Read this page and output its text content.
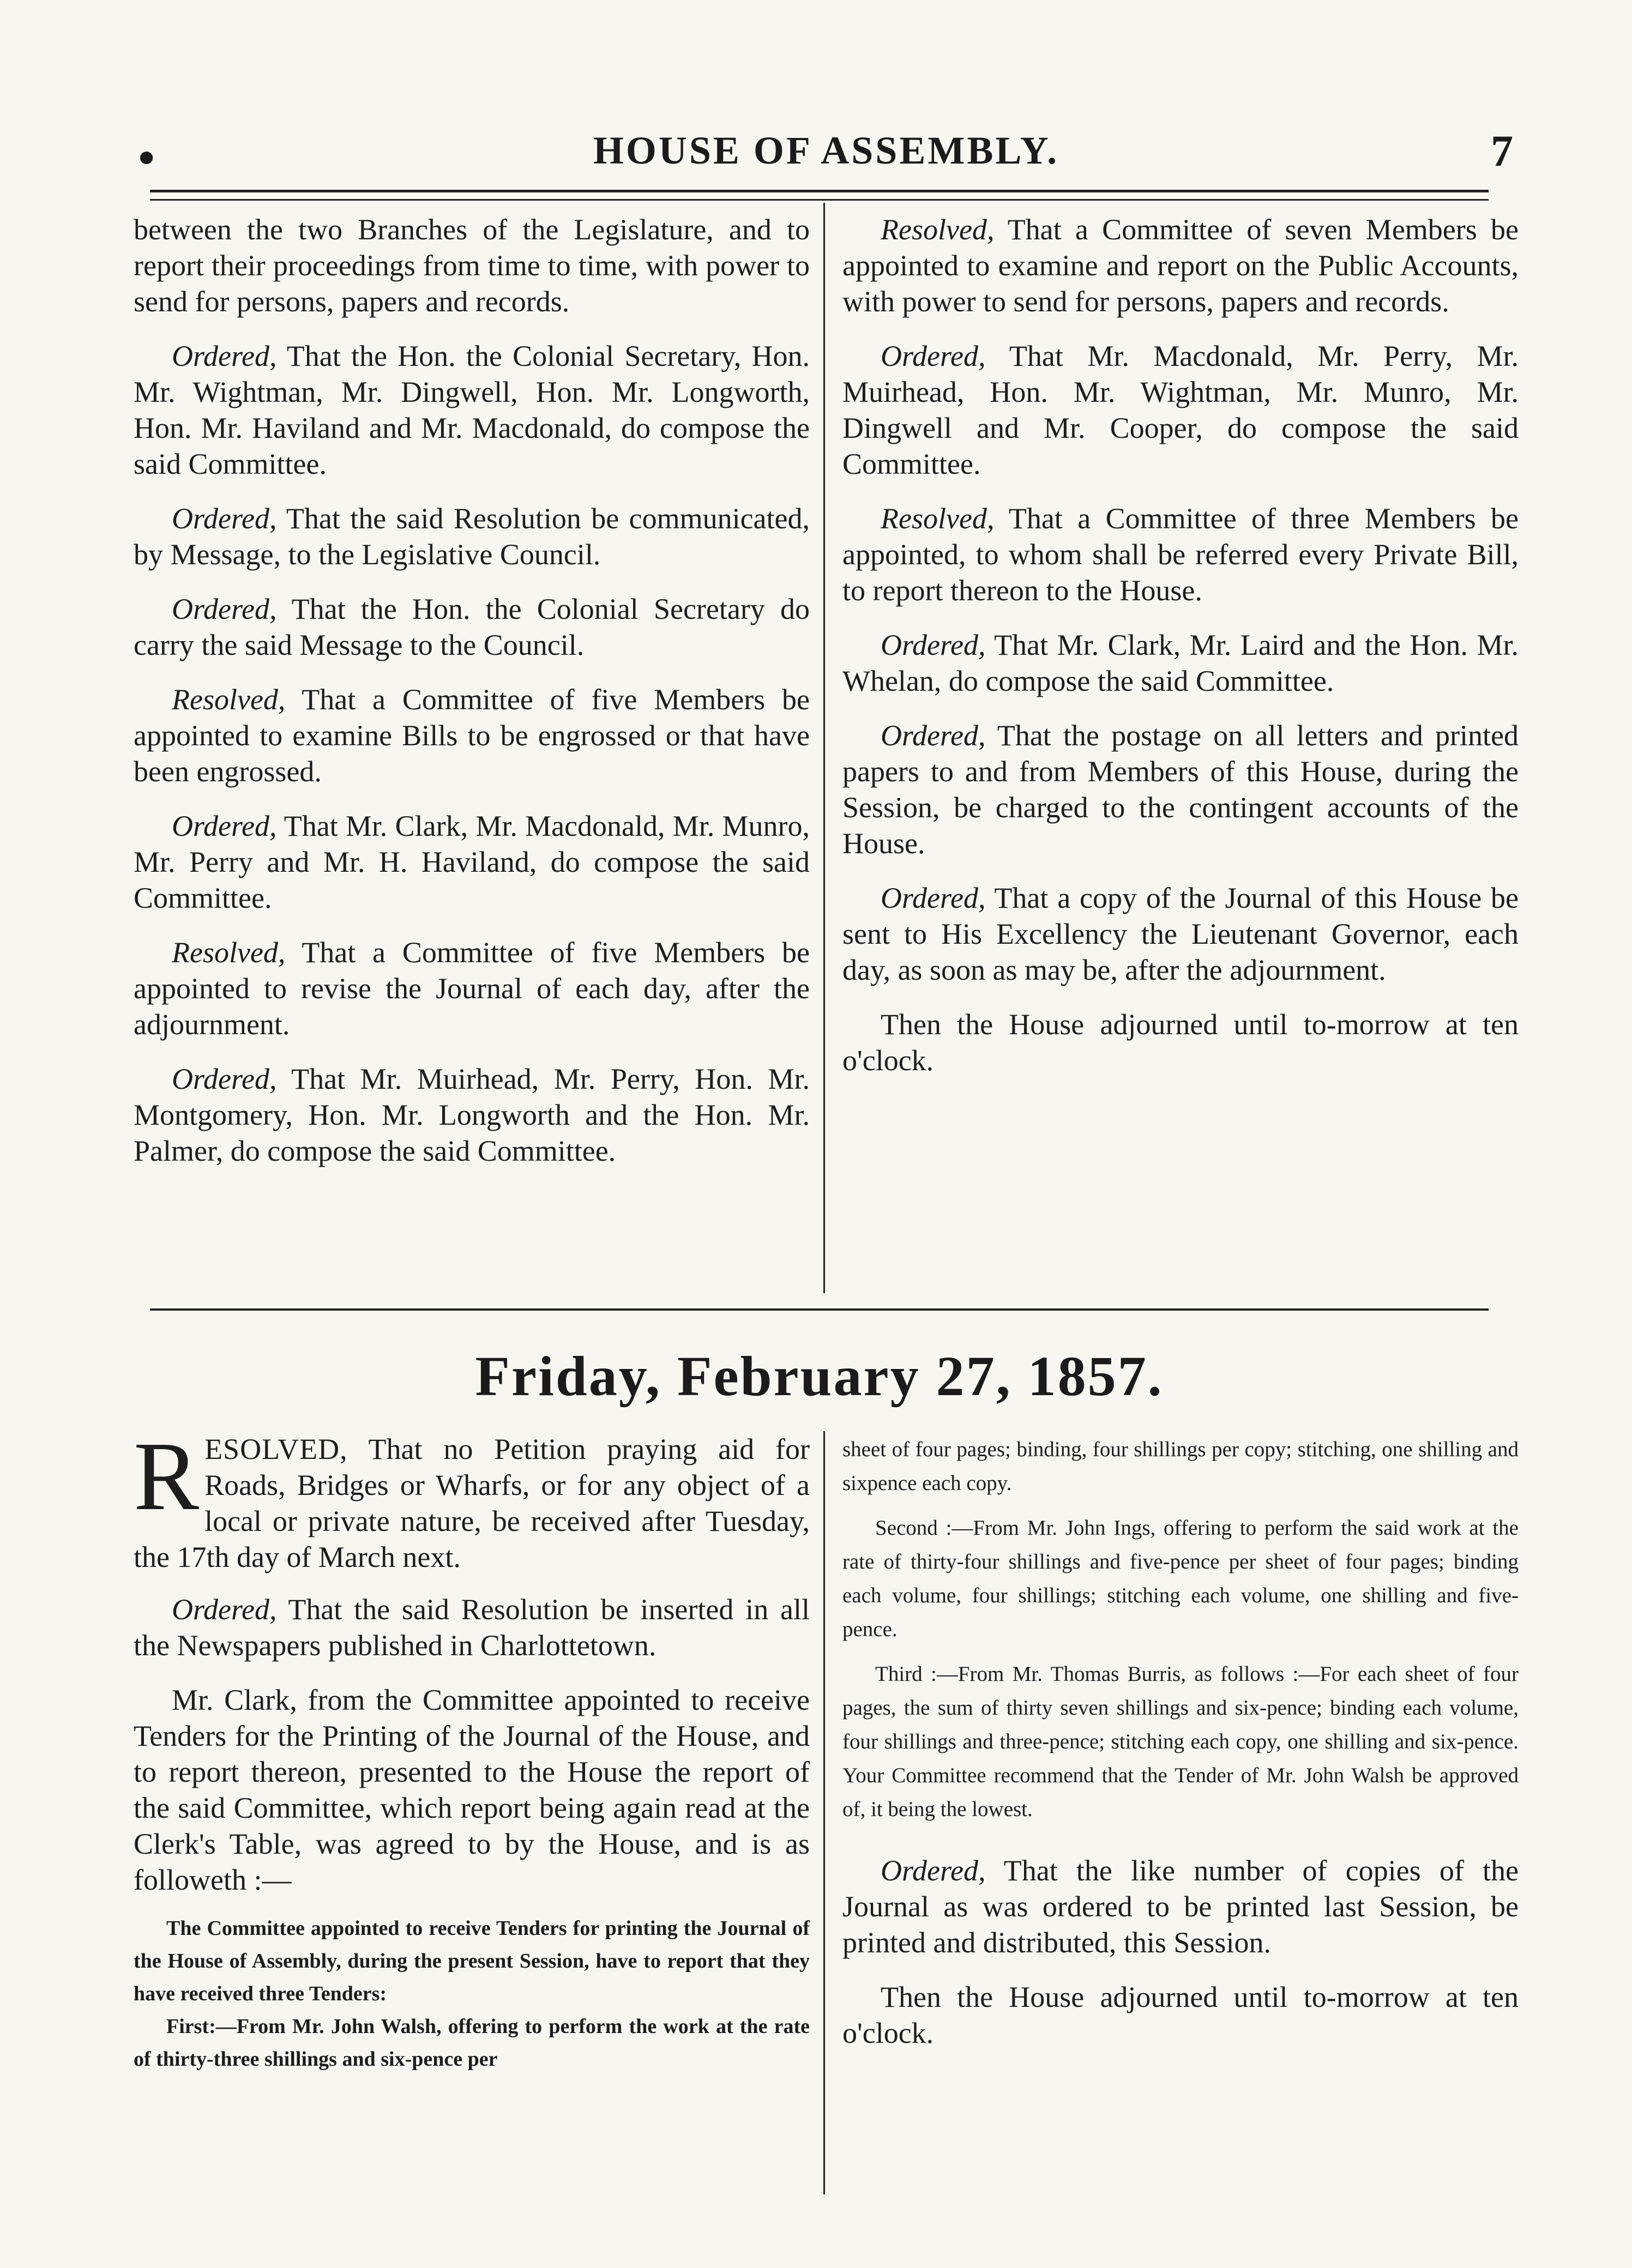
•	HOUSE OF ASSEMBLY.	7

between the two Branches of the Legislature, and to report their proceedings from time to time, with power to send for persons, papers and records.

Ordered, That the Hon. the Colonial Secretary, Hon. Mr. Wightman, Mr. Dingwell, Hon. Mr. Longworth, Hon. Mr. Haviland and Mr. Macdonald, do compose the said Committee.

Ordered, That the said Resolution be communicated, by Message, to the Legislative Council.

Ordered, That the Hon. the Colonial Secretary do carry the said Message to the Council.

Resolved, That a Committee of five Members be appointed to examine Bills to be engrossed or that have been engrossed.

Ordered, That Mr. Clark, Mr. Macdonald, Mr. Munro, Mr. Perry and Mr. H. Haviland, do compose the said Committee.

Resolved, That a Committee of five Members be appointed to revise the Journal of each day, after the adjournment.

Ordered, That Mr. Muirhead, Mr. Perry, Hon. Mr. Montgomery, Hon. Mr. Longworth and the Hon. Mr. Palmer, do compose the said Committee.

Resolved, That a Committee of seven Members be appointed to examine and report on the Public Accounts, with power to send for persons, papers and records.

Ordered, That Mr. Macdonald, Mr. Perry, Mr. Muirhead, Hon. Mr. Wightman, Mr. Munro, Mr. Dingwell and Mr. Cooper, do compose the said Committee.

Resolved, That a Committee of three Members be appointed, to whom shall be referred every Private Bill, to report thereon to the House.

Ordered, That Mr. Clark, Mr. Laird and the Hon. Mr. Whelan, do compose the said Committee.

Ordered, That the postage on all letters and printed papers to and from Members of this House, during the Session, be charged to the contingent accounts of the House.

Ordered, That a copy of the Journal of this House be sent to His Excellency the Lieutenant Governor, each day, as soon as may be, after the adjournment.

Then the House adjourned until to-morrow at ten o'clock.

Friday, February 27, 1857.

RESOLVED, That no Petition praying aid for Roads, Bridges or Wharfs, or for any object of a local or private nature, be received after Tuesday, the 17th day of March next.

Ordered, That the said Resolution be inserted in all the Newspapers published in Charlottetown.

Mr. Clark, from the Committee appointed to receive Tenders for the Printing of the Journal of the House, and to report thereon, presented to the House the report of the said Committee, which report being again read at the Clerk's Table, was agreed to by the House, and is as followeth :—

The Committee appointed to receive Tenders for printing the Journal of the House of Assembly, during the present Session, have to report that they have received three Tenders:

First:—From Mr. John Walsh, offering to perform the work at the rate of thirty-three shillings and six-pence per

sheet of four pages; binding, four shillings per copy; stitching, one shilling and sixpence each copy.

Second :—From Mr. John Ings, offering to perform the said work at the rate of thirty-four shillings and five-pence per sheet of four pages; binding each volume, four shillings; stitching each volume, one shilling and five-pence.

Third :—From Mr. Thomas Burris, as follows :—For each sheet of four pages, the sum of thirty seven shillings and six-pence; binding each volume, four shillings and three-pence; stitching each copy, one shilling and six-pence. Your Committee recommend that the Tender of Mr. John Walsh be approved of, it being the lowest.

Ordered, That the like number of copies of the Journal as was ordered to be printed last Session, be printed and distributed, this Session.

Then the House adjourned until to-morrow at ten o'clock.
